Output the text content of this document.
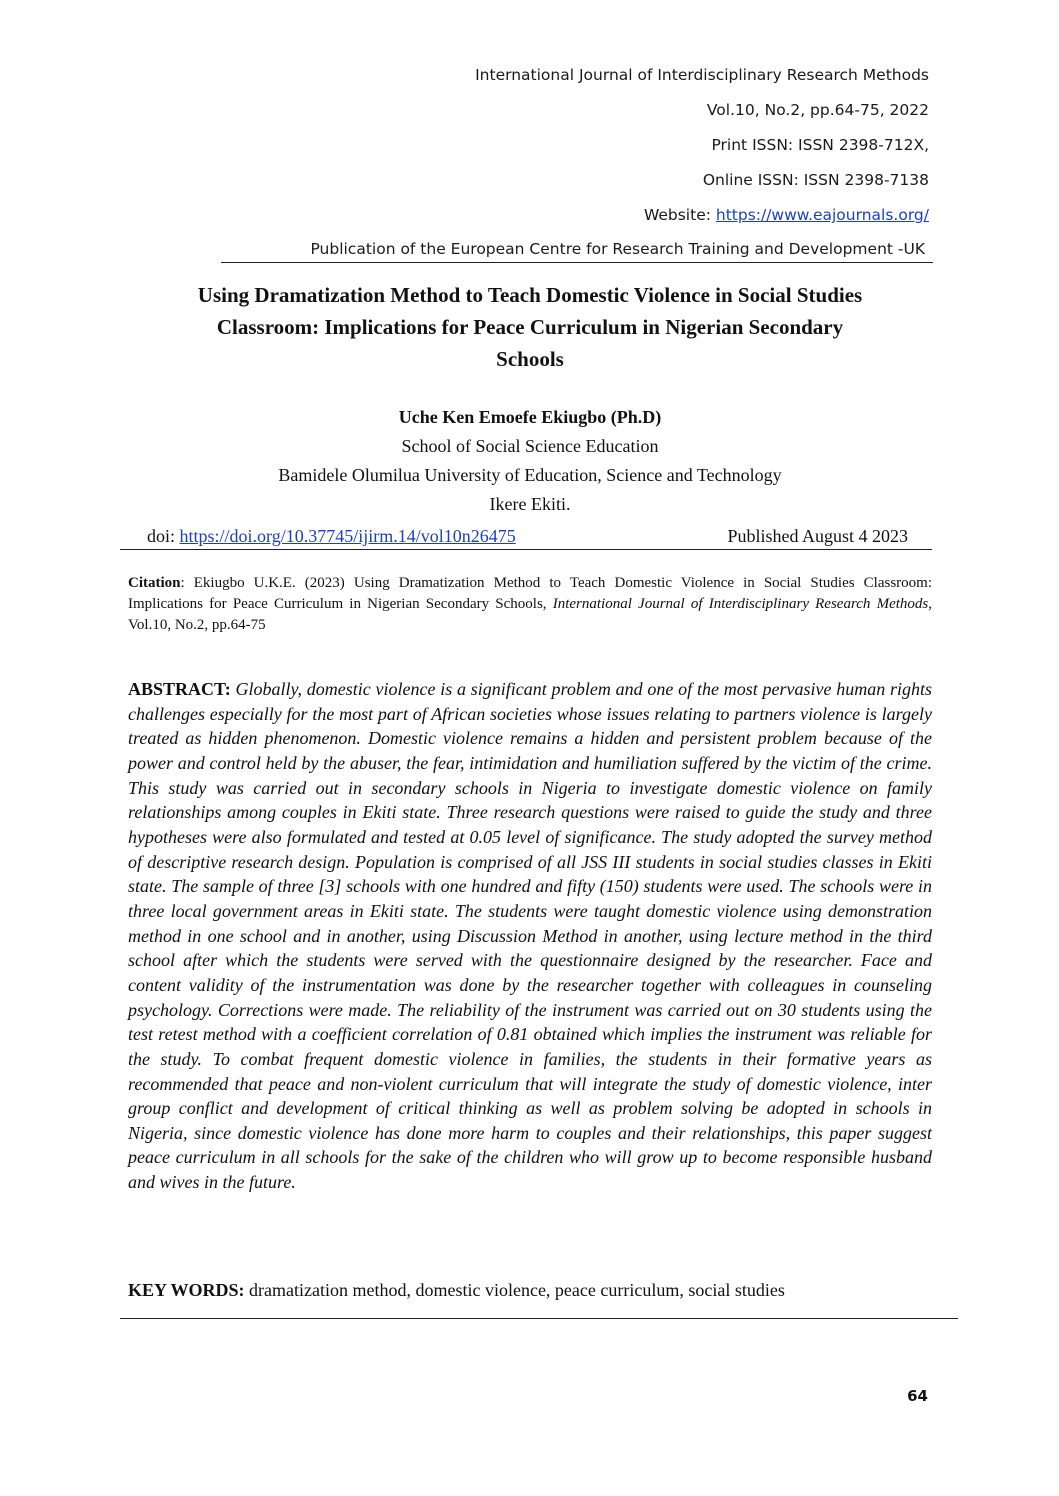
International Journal of Interdisciplinary Research Methods
Vol.10, No.2, pp.64-75, 2022
Print ISSN: ISSN 2398-712X,
Online ISSN: ISSN 2398-7138
Website: https://www.eajournals.org/
Publication of the European Centre for Research Training and Development -UK
Using Dramatization Method to Teach Domestic Violence in Social Studies
Classroom: Implications for Peace Curriculum in Nigerian Secondary
Schools
Uche Ken Emoefe Ekiugbo (Ph.D)
School of Social Science Education
Bamidele Olumilua University of Education, Science and Technology
Ikere Ekiti.
doi: https://doi.org/10.37745/ijirm.14/vol10n26475	Published August 4 2023
Citation: Ekiugbo U.K.E. (2023) Using Dramatization Method to Teach Domestic Violence in Social Studies Classroom: Implications for Peace Curriculum in Nigerian Secondary Schools, International Journal of Interdisciplinary Research Methods, Vol.10, No.2, pp.64-75
ABSTRACT: Globally, domestic violence is a significant problem and one of the most pervasive human rights challenges especially for the most part of African societies whose issues relating to partners violence is largely treated as hidden phenomenon. Domestic violence remains a hidden and persistent problem because of the power and control held by the abuser, the fear, intimidation and humiliation suffered by the victim of the crime. This study was carried out in secondary schools in Nigeria to investigate domestic violence on family relationships among couples in Ekiti state. Three research questions were raised to guide the study and three hypotheses were also formulated and tested at 0.05 level of significance. The study adopted the survey method of descriptive research design. Population is comprised of all JSS III students in social studies classes in Ekiti state. The sample of three [3] schools with one hundred and fifty (150) students were used. The schools were in three local government areas in Ekiti state. The students were taught domestic violence using demonstration method in one school and in another, using Discussion Method in another, using lecture method in the third school after which the students were served with the questionnaire designed by the researcher. Face and content validity of the instrumentation was done by the researcher together with colleagues in counseling psychology. Corrections were made. The reliability of the instrument was carried out on 30 students using the test retest method with a coefficient correlation of 0.81 obtained which implies the instrument was reliable for the study. To combat frequent domestic violence in families, the students in their formative years as recommended that peace and non-violent curriculum that will integrate the study of domestic violence, inter group conflict and development of critical thinking as well as problem solving be adopted in schools in Nigeria, since domestic violence has done more harm to couples and their relationships, this paper suggest peace curriculum in all schools for the sake of the children who will grow up to become responsible husband and wives in the future.
KEY WORDS: dramatization method, domestic violence, peace curriculum, social studies
64
